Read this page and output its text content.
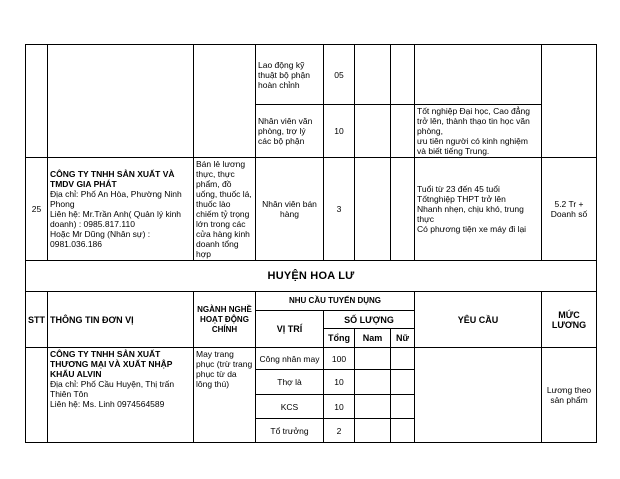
			Lao động kỹ thuật bộ phận hoàn chỉnh	05				
			Nhân viên văn phòng, trợ lý các bộ phận	10			Tốt nghiệp Đại học, Cao đẳng trở lên, thành thạo tin học văn phòng,
ưu tiên người có kinh nghiệm
và biết tiếng Trung.	

25	CÔNG TY TNHH SẢN XUẤT VÀ TMDV GIA PHÁT
Địa chỉ: Phố An Hòa, Phường Ninh Phong
Liên hệ: Mr.Trần Anh( Quản lý kinh doanh) : 0985.817.110
Hoặc Mr Dũng (Nhân sự) : 0981.036.186	Bán lẻ lương thực, thực phẩm, đồ uống, thuốc lá, thuốc lào chiếm tỷ trọng lớn trong các cửa hàng kinh doanh tổng hợp	Nhân viên bán hàng	3			Tuổi từ 23 đến 45 tuổi
Tốtnghiệp THPT trở lên
Nhanh nhẹn, chịu khó, trung thực
Có phương tiện xe máy đi lại	5.2 Tr + Doanh số
HUYỆN HOA LƯ								
STT	THÔNG TIN ĐƠN VỊ	NGÀNH NGHỀ HOẠT ĐỘNG CHÍNH	NHU CẦU TUYỂN DỤNG				YÊU CẦU	MỨC LƯƠNG
			VỊ TRÍ	SỐ LƯỢNG				
				Tổng	Nam	Nữ		

	CÔNG TY TNHH SẢN XUẤT THƯƠNG MẠI VÀ XUẤT NHẬP KHẨU ALVIN
Địa chỉ: Phố Cầu Huyện, Thị trấn Thiên Tôn
Liên hệ: Ms. Linh 0974564589	May trang phục (trừ trang phục từ da lông thú)	Công nhân may	100				Lương theo sản phẩm
			Thợ là	10				
			KCS	10				
			Tổ trưởng	2				
